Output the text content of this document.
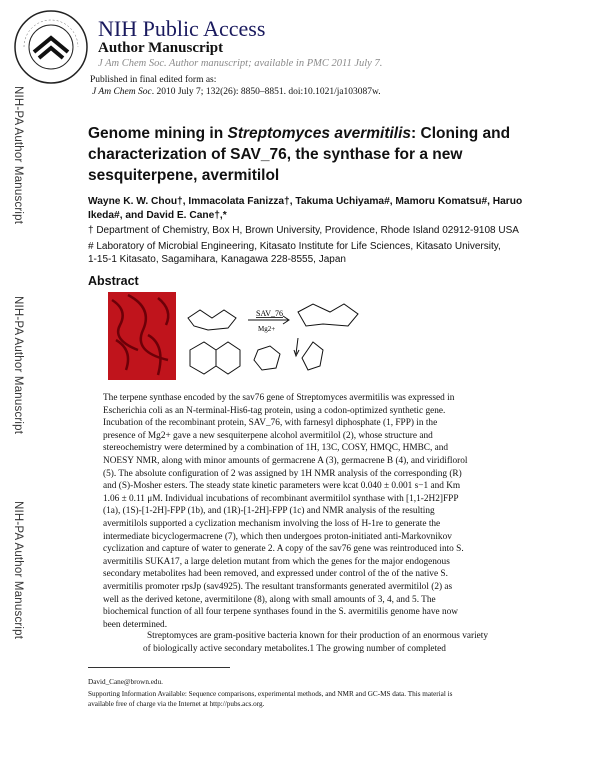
NIH Public Access
Author Manuscript
J Am Chem Soc. Author manuscript; available in PMC 2011 July 7.
NIH-PA Author Manuscript
NIH-PA Author Manuscript
NIH-PA Author Manuscript
Published in final edited form as:
J Am Chem Soc. 2010 July 7; 132(26): 8850–8851. doi:10.1021/ja103087w.
Genome mining in Streptomyces avermitilis: Cloning and characterization of SAV_76, the synthase for a new sesquiterpene, avermitilol
Wayne K. W. Chou†, Immacolata Fanizza†, Takuma Uchiyama#, Mamoru Komatsu#, Haruo
Ikeda#, and David E. Cane†,*
† Department of Chemistry, Box H, Brown University, Providence, Rhode Island 02912-9108 USA
# Laboratory of Microbial Engineering, Kitasato Institute for Life Sciences, Kitasato University,
1-15-1 Kitasato, Sagamihara, Kanagawa 228-8555, Japan
Abstract
SAV_76
Mg2+
The terpene synthase encoded by the sav76 gene of Streptomyces avermitilis was expressed in
Escherichia coli as an N-terminal-His6-tag protein, using a codon-optimized synthetic gene.
Incubation of the recombinant protein, SAV_76, with farnesyl diphosphate (1, FPP) in the
presence of Mg2+ gave a new sesquiterpene alcohol avermitilol (2), whose structure and
stereochemistry were determined by a combination of 1H, 13C, COSY, HMQC, HMBC, and
NOESY NMR, along with minor amounts of germacrene A (3), germacrene B (4), and viridiflorol
(5). The absolute configuration of 2 was assigned by 1H NMR analysis of the corresponding (R)
and (S)-Mosher esters. The steady state kinetic parameters were kcat 0.040 ± 0.001 s−1 and Km
1.06 ± 0.11 μM. Individual incubations of recombinant avermitilol synthase with [1,1-2H2]FPP
(1a), (1S)-[1-2H]-FPP (1b), and (1R)-[1-2H]-FPP (1c) and NMR analysis of the resulting
avermitilols supported a cyclization mechanism involving the loss of H-1re to generate the
intermediate bicyclogermacrene (7), which then undergoes proton-initiated anti-Markovnikov
cyclization and capture of water to generate 2. A copy of the sav76 gene was reintroduced into S.
avermitilis SUKA17, a large deletion mutant from which the genes for the major endogenous
secondary metabolites had been removed, and expressed under control of the of the native S.
avermitilis promoter rpsJp (sav4925). The resultant transformants generated avermitilol (2) as
well as the derived ketone, avermitilone (8), along with small amounts of 3, 4, and 5. The
biochemical function of all four terpene synthases found in the S. avermitilis genome have now
been determined.
Streptomyces are gram-positive bacteria known for their production of an enormous variety
of biologically active secondary metabolites.1 The growing number of completed
David_Cane@brown.edu.
Supporting Information Available: Sequence comparisons, experimental methods, and NMR and GC-MS data. This material is
available free of charge via the Internet at http://pubs.acs.org.
